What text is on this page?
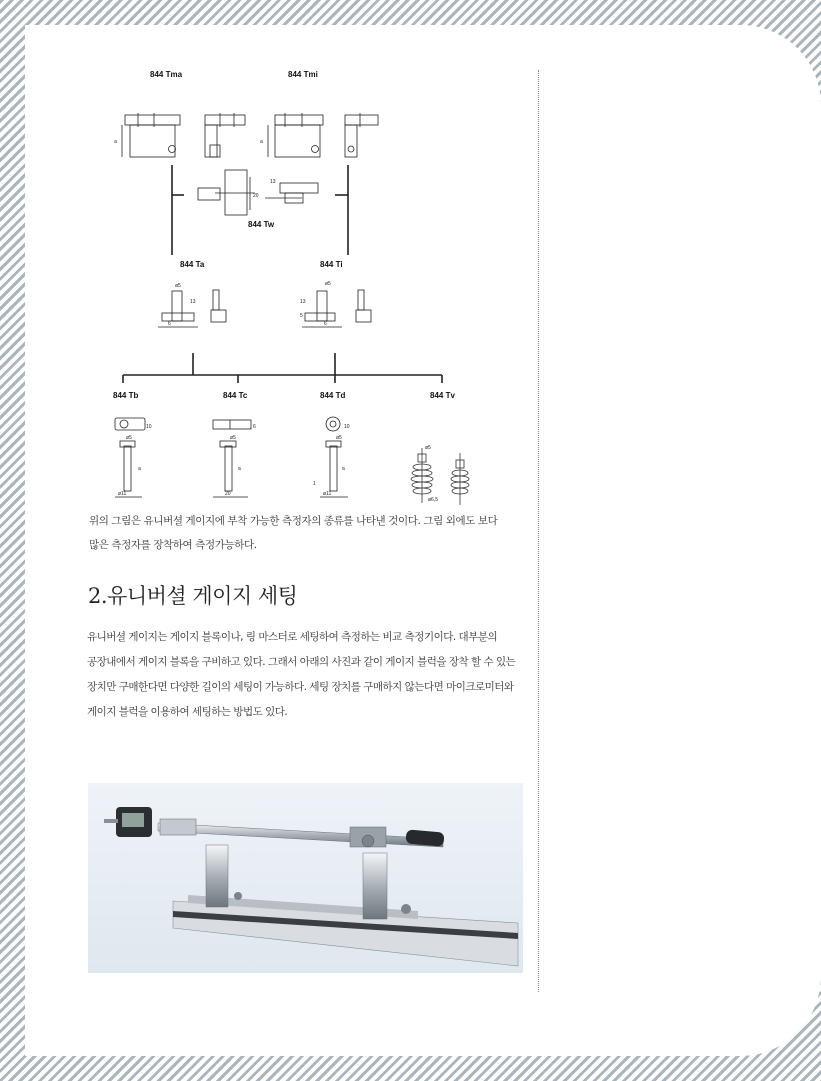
844 Tma	844 Tmi
a	a
20
13
844 Tw
844 Ta	844 Ti
ø5
13
6
ø5
13
5
6
844 Tb	844 Tc	844 Td	844 Tv
10
ø5
ø11
a
6
ø5
20
a
10
ø5
ø11
a
1
ø5
ø6,5

위의 그림은 유니버셜 게이지에 부착 가능한 측정자의 종류를 나타낸 것이다. 그림 외에도 보다

많은 측정자를 장착하여 측정가능하다.

2.유니버셜 게이지 세팅

유니버셜 게이지는 게이지 블록이나, 링 마스터로 세팅하여 측정하는 비교 측정기이다. 대부분의

공장내에서 게이지 블록을 구비하고 있다. 그래서 아래의 사진과 같이 게이지 블럭을 장착 할 수 있는

장치만 구매한다면 다양한 길이의 세팅이 가능하다. 세팅 장치를 구매하지 않는다면 마이크로미터와

게이지 블럭을 이용하여 세팅하는 방법도 있다.
